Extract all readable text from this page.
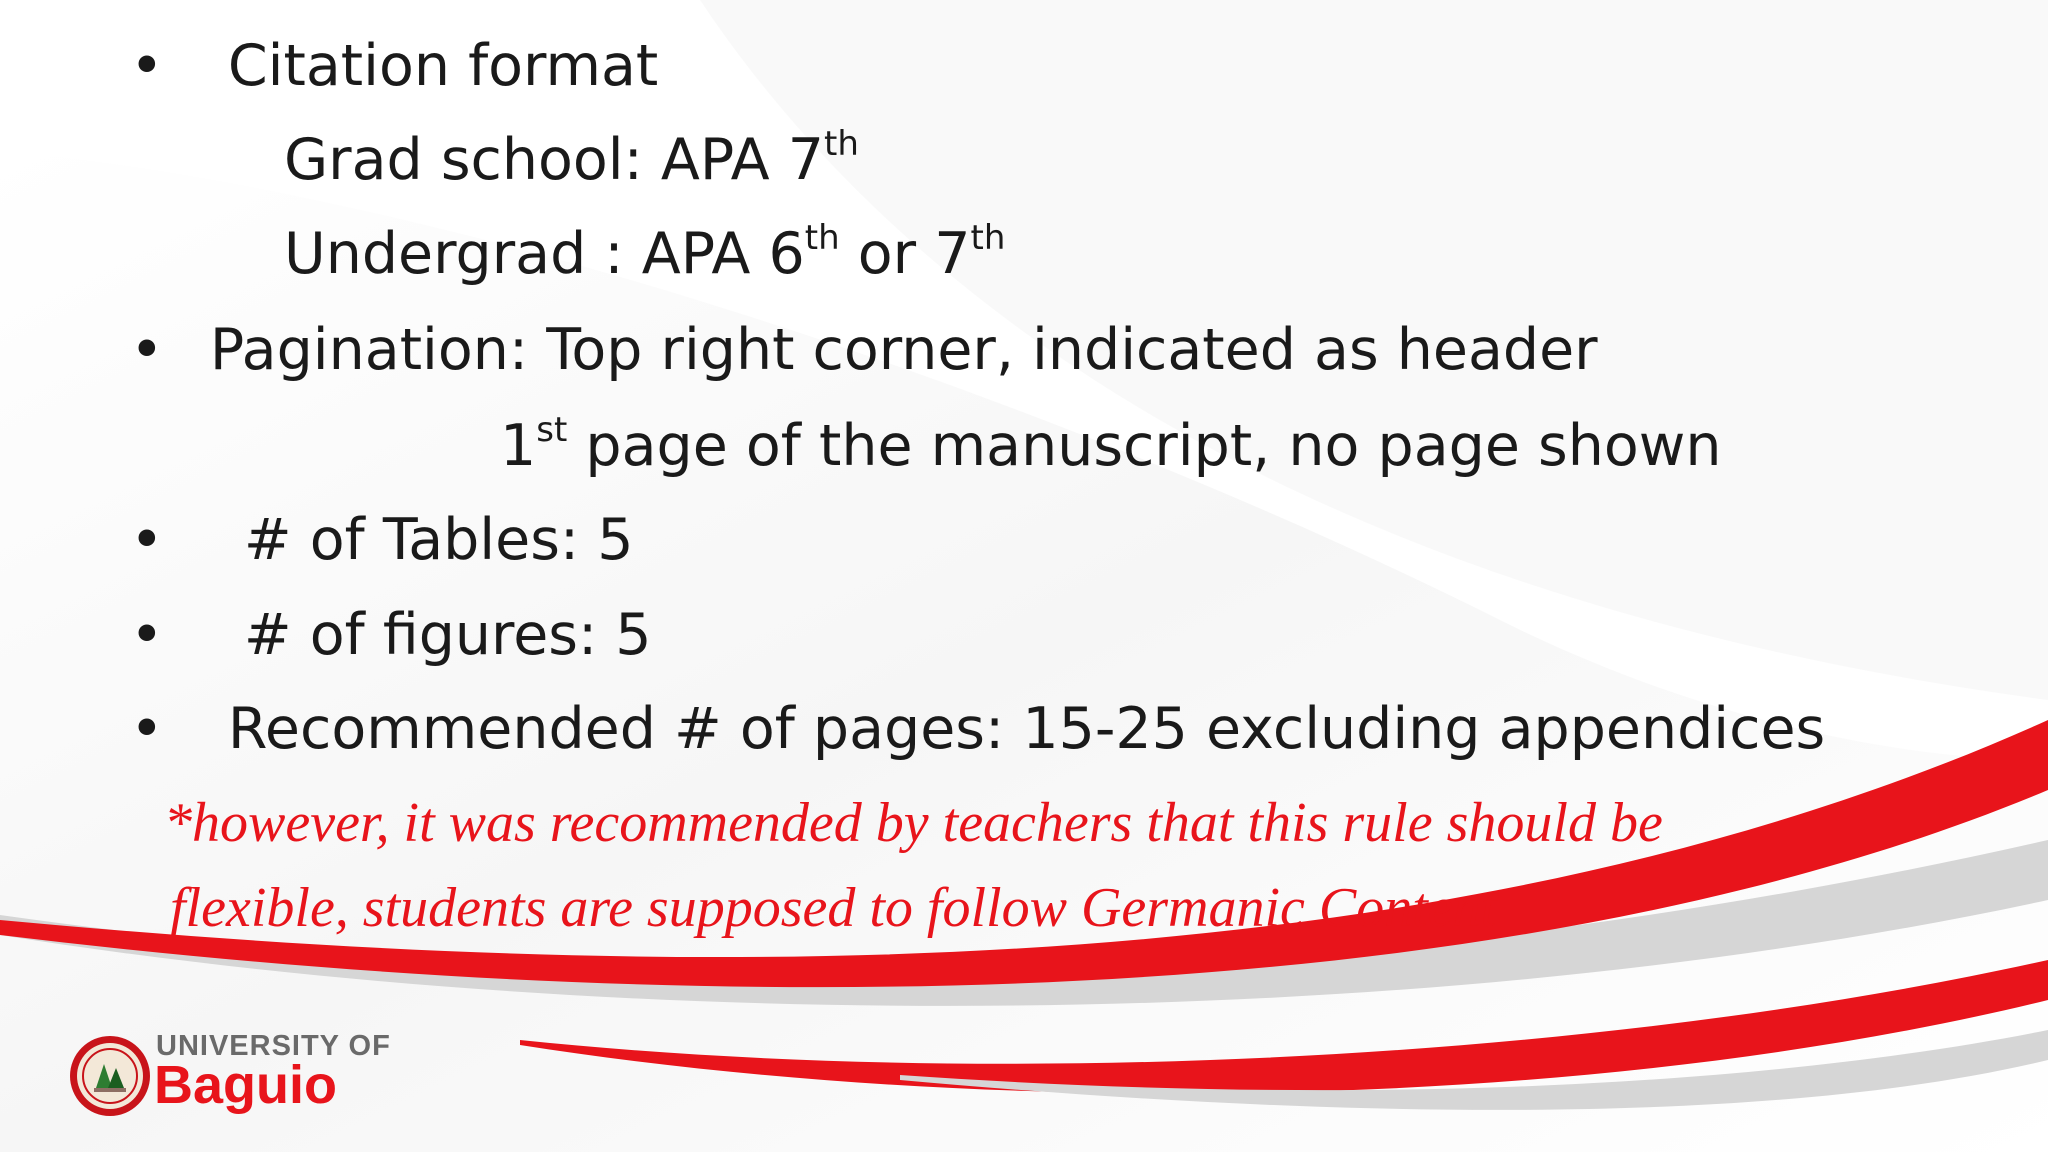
• Citation format
Grad school: APA 7th
Undergrad : APA 6th or 7th
• Pagination: Top right corner, indicated as header
1st page of the manuscript, no page shown
• # of Tables: 5
• # of figures: 5
• Recommended # of pages: 15-25 excluding appendices
*however, it was recommended by teachers that this rule should be
flexible, students are supposed to follow Germanic Content
UNIVERSITY OF
Baguio
